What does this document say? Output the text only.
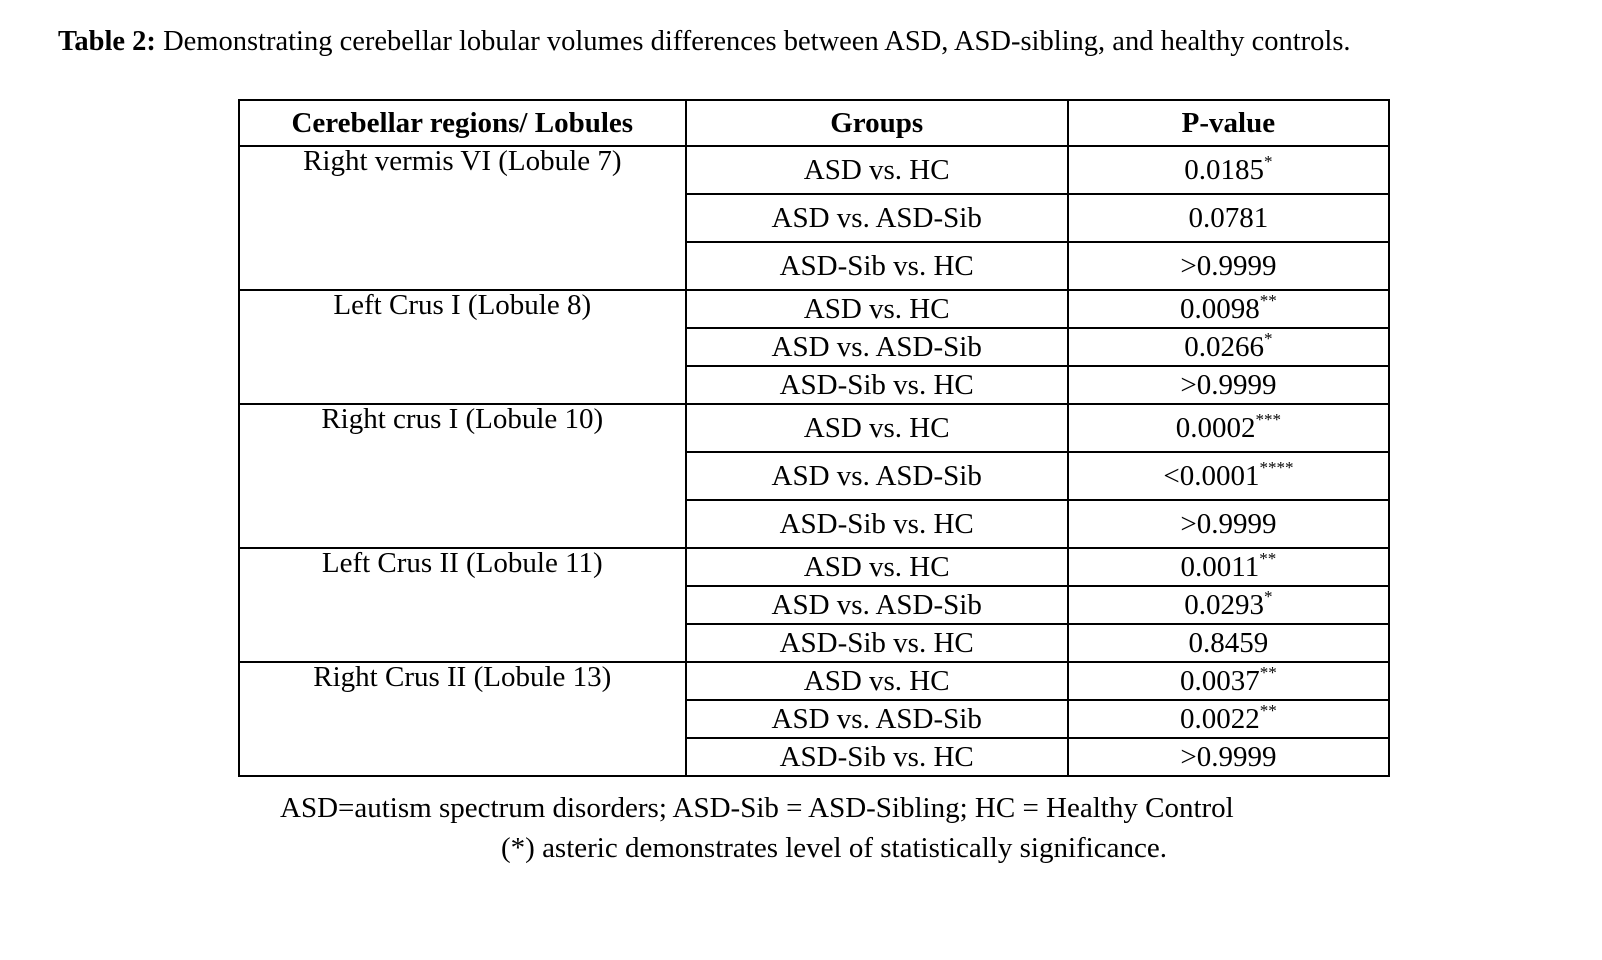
Table 2: Demonstrating cerebellar lobular volumes differences between ASD, ASD-sibling, and healthy controls.
Cerebellar regions/ Lobules	Groups	P-value
Right vermis VI (Lobule 7)	ASD vs. HC	0.0185*
	ASD vs. ASD-Sib	0.0781
	ASD-Sib vs. HC	>0.9999
Left Crus I (Lobule 8)	ASD vs. HC	0.0098**
	ASD vs. ASD-Sib	0.0266*
	ASD-Sib vs. HC	>0.9999
Right crus I (Lobule 10)	ASD vs. HC	0.0002***
	ASD vs. ASD-Sib	<0.0001****
	ASD-Sib vs. HC	>0.9999
Left Crus II (Lobule 11)	ASD vs. HC	0.0011**
	ASD vs. ASD-Sib	0.0293*
	ASD-Sib vs. HC	0.8459
Right Crus II (Lobule 13)	ASD vs. HC	0.0037**
	ASD vs. ASD-Sib	0.0022**
	ASD-Sib vs. HC	>0.9999
ASD=autism spectrum disorders; ASD-Sib = ASD-Sibling; HC = Healthy Control
(*) asteric demonstrates level of statistically significance.
